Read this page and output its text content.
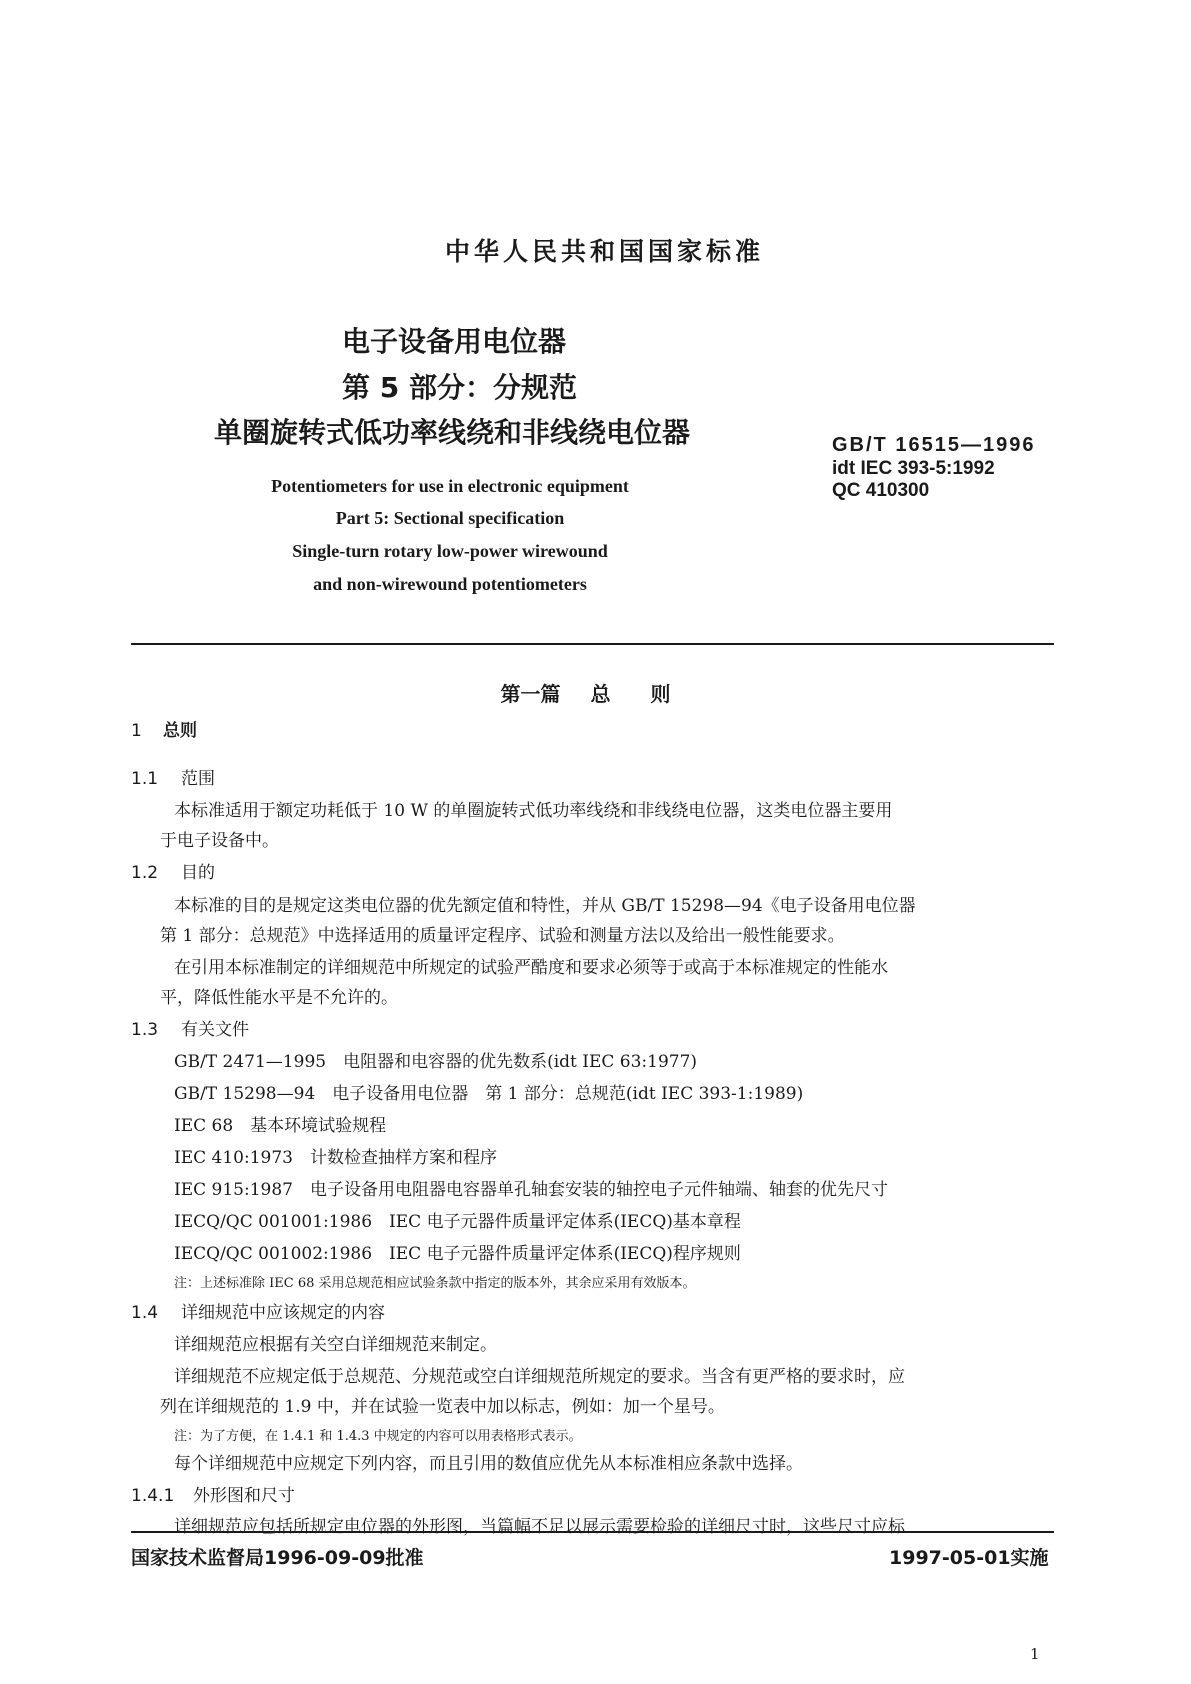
中华人民共和国国家标准
电子设备用电位器
第 5 部分：分规范
单圈旋转式低功率线绕和非线绕电位器	GB/T 16515—1996
idt IEC 393-5:1992
QC 410300
Potentiometers for use in electronic equipment
Part 5: Sectional specification
Single-turn rotary low-power wirewound
and non-wirewound potentiometers
第一篇 总 则
1 总则
1.1 范围
本标准适用于额定功耗低于 10 W 的单圈旋转式低功率线绕和非线绕电位器，这类电位器主要用
于电子设备中。
1.2 目的
本标准的目的是规定这类电位器的优先额定值和特性，并从 GB/T 15298—94《电子设备用电位器
第 1 部分：总规范》中选择适用的质量评定程序、试验和测量方法以及给出一般性能要求。
在引用本标准制定的详细规范中所规定的试验严酷度和要求必须等于或高于本标准规定的性能水
平，降低性能水平是不允许的。
1.3 有关文件
GB/T 2471—1995　电阻器和电容器的优先数系(idt IEC 63:1977)
GB/T 15298—94　电子设备用电位器　第 1 部分：总规范(idt IEC 393-1:1989)
IEC 68　基本环境试验规程
IEC 410:1973　计数检查抽样方案和程序
IEC 915:1987　电子设备用电阻器电容器单孔轴套安装的轴控电子元件轴端、轴套的优先尺寸
IECQ/QC 001001:1986　IEC 电子元器件质量评定体系(IECQ)基本章程
IECQ/QC 001002:1986　IEC 电子元器件质量评定体系(IECQ)程序规则
注：上述标准除 IEC 68 采用总规范相应试验条款中指定的版本外，其余应采用有效版本。
1.4 详细规范中应该规定的内容
详细规范应根据有关空白详细规范来制定。
详细规范不应规定低于总规范、分规范或空白详细规范所规定的要求。当含有更严格的要求时，应
列在详细规范的 1.9 中，并在试验一览表中加以标志，例如：加一个星号。
注：为了方便，在 1.4.1 和 1.4.3 中规定的内容可以用表格形式表示。
每个详细规范中应规定下列内容，而且引用的数值应优先从本标准相应条款中选择。
1.4.1 外形图和尺寸
详细规范应包括所规定电位器的外形图，当篇幅不足以展示需要检验的详细尺寸时，这些尺寸应标
国家技术监督局1996-09-09批准	1997-05-01实施
1
